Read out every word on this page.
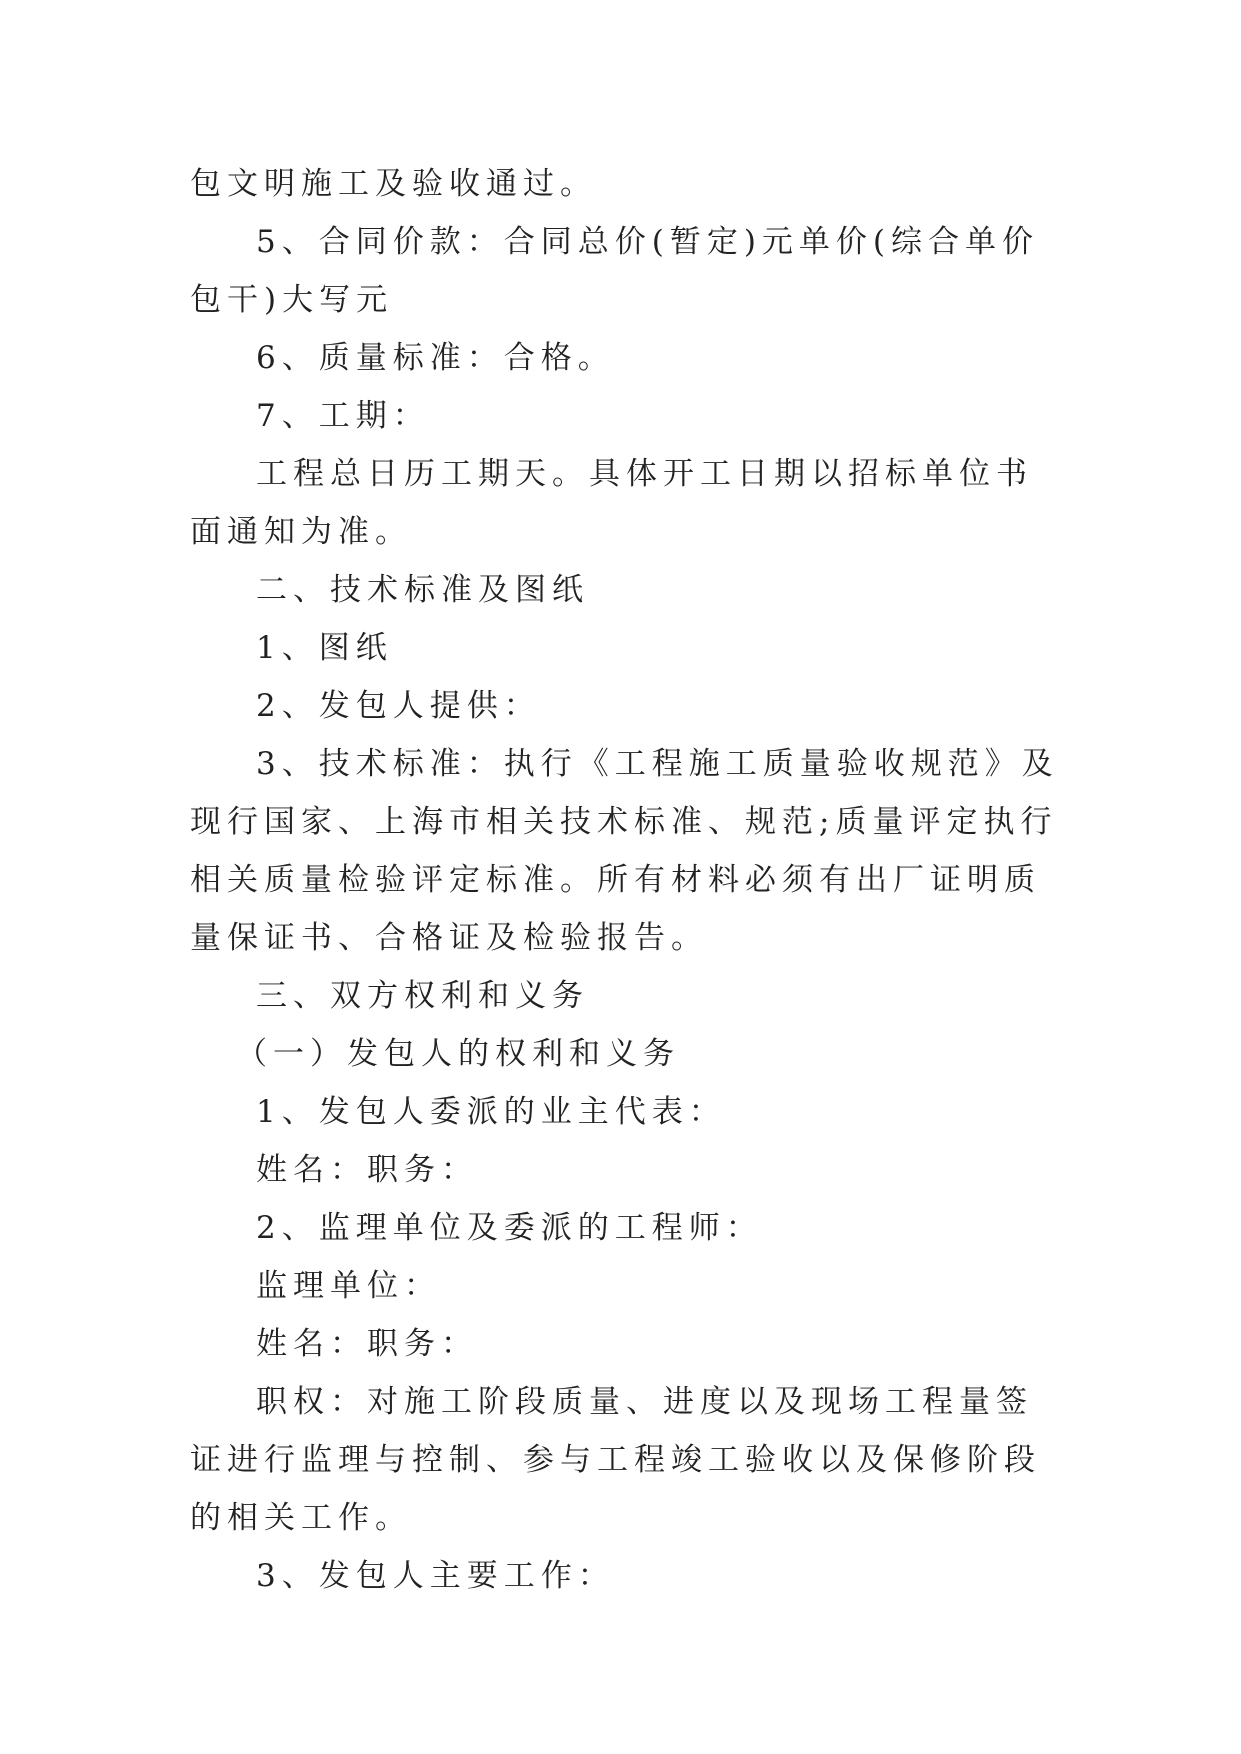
包文明施工及验收通过。

5、合同价款：合同总价(暂定)元单价(综合单价包干)大写元

6、质量标准：合格。

7、工期：

工程总日历工期天。具体开工日期以招标单位书面通知为准。

二、技术标准及图纸

1、图纸

2、发包人提供：

3、技术标准：执行《工程施工质量验收规范》及现行国家、上海市相关技术标准、规范;质量评定执行相关质量检验评定标准。所有材料必须有出厂证明质量保证书、合格证及检验报告。

三、双方权利和义务

（一）发包人的权利和义务

1、发包人委派的业主代表：

姓名：职务：

2、监理单位及委派的工程师：

监理单位：

姓名：职务：

职权：对施工阶段质量、进度以及现场工程量签证进行监理与控制、参与工程竣工验收以及保修阶段的相关工作。

3、发包人主要工作：
